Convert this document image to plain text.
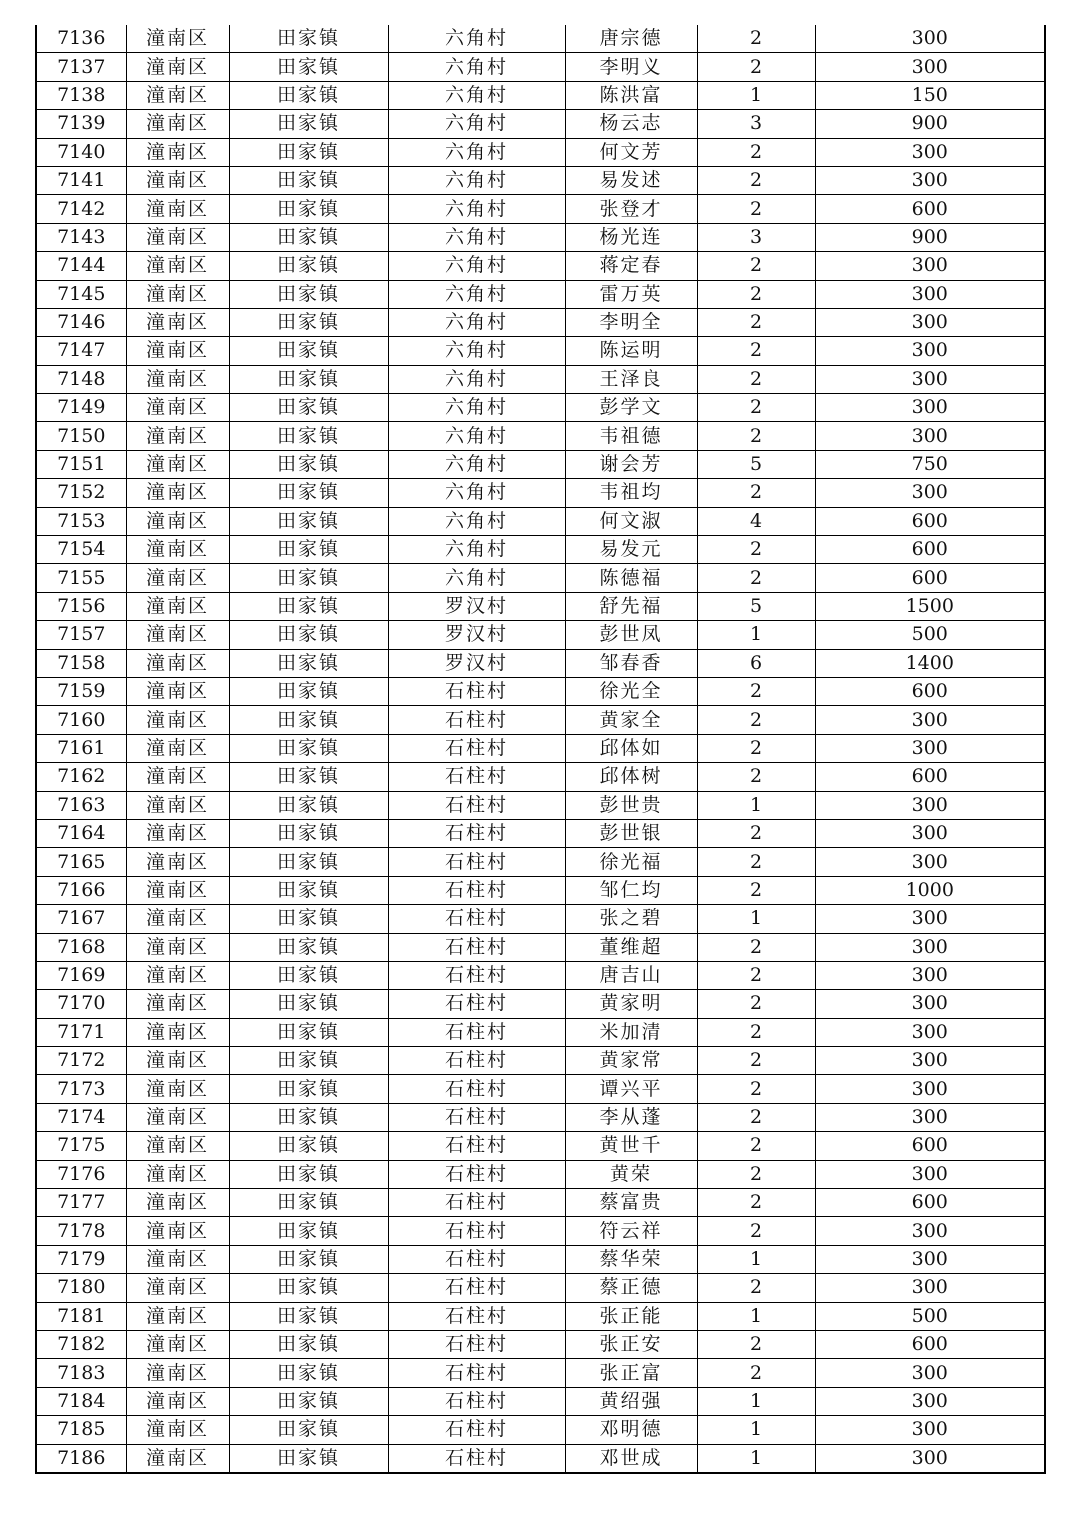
7136	潼南区	田家镇	六角村	唐宗德	2	300
7137	潼南区	田家镇	六角村	李明义	2	300
7138	潼南区	田家镇	六角村	陈洪富	1	150
7139	潼南区	田家镇	六角村	杨云志	3	900
7140	潼南区	田家镇	六角村	何文芳	2	300
7141	潼南区	田家镇	六角村	易发述	2	300
7142	潼南区	田家镇	六角村	张登才	2	600
7143	潼南区	田家镇	六角村	杨光连	3	900
7144	潼南区	田家镇	六角村	蒋定春	2	300
7145	潼南区	田家镇	六角村	雷万英	2	300
7146	潼南区	田家镇	六角村	李明全	2	300
7147	潼南区	田家镇	六角村	陈运明	2	300
7148	潼南区	田家镇	六角村	王泽良	2	300
7149	潼南区	田家镇	六角村	彭学文	2	300
7150	潼南区	田家镇	六角村	韦祖德	2	300
7151	潼南区	田家镇	六角村	谢会芳	5	750
7152	潼南区	田家镇	六角村	韦祖均	2	300
7153	潼南区	田家镇	六角村	何文淑	4	600
7154	潼南区	田家镇	六角村	易发元	2	600
7155	潼南区	田家镇	六角村	陈德福	2	600
7156	潼南区	田家镇	罗汉村	舒先福	5	1500
7157	潼南区	田家镇	罗汉村	彭世凤	1	500
7158	潼南区	田家镇	罗汉村	邹春香	6	1400
7159	潼南区	田家镇	石柱村	徐光全	2	600
7160	潼南区	田家镇	石柱村	黄家全	2	300
7161	潼南区	田家镇	石柱村	邱体如	2	300
7162	潼南区	田家镇	石柱村	邱体树	2	600
7163	潼南区	田家镇	石柱村	彭世贵	1	300
7164	潼南区	田家镇	石柱村	彭世银	2	300
7165	潼南区	田家镇	石柱村	徐光福	2	300
7166	潼南区	田家镇	石柱村	邹仁均	2	1000
7167	潼南区	田家镇	石柱村	张之碧	1	300
7168	潼南区	田家镇	石柱村	董维超	2	300
7169	潼南区	田家镇	石柱村	唐吉山	2	300
7170	潼南区	田家镇	石柱村	黄家明	2	300
7171	潼南区	田家镇	石柱村	米加清	2	300
7172	潼南区	田家镇	石柱村	黄家常	2	300
7173	潼南区	田家镇	石柱村	谭兴平	2	300
7174	潼南区	田家镇	石柱村	李从蓬	2	300
7175	潼南区	田家镇	石柱村	黄世千	2	600
7176	潼南区	田家镇	石柱村	黄荣	2	300
7177	潼南区	田家镇	石柱村	蔡富贵	2	600
7178	潼南区	田家镇	石柱村	符云祥	2	300
7179	潼南区	田家镇	石柱村	蔡华荣	1	300
7180	潼南区	田家镇	石柱村	蔡正德	2	300
7181	潼南区	田家镇	石柱村	张正能	1	500
7182	潼南区	田家镇	石柱村	张正安	2	600
7183	潼南区	田家镇	石柱村	张正富	2	300
7184	潼南区	田家镇	石柱村	黄绍强	1	300
7185	潼南区	田家镇	石柱村	邓明德	1	300
7186	潼南区	田家镇	石柱村	邓世成	1	300
